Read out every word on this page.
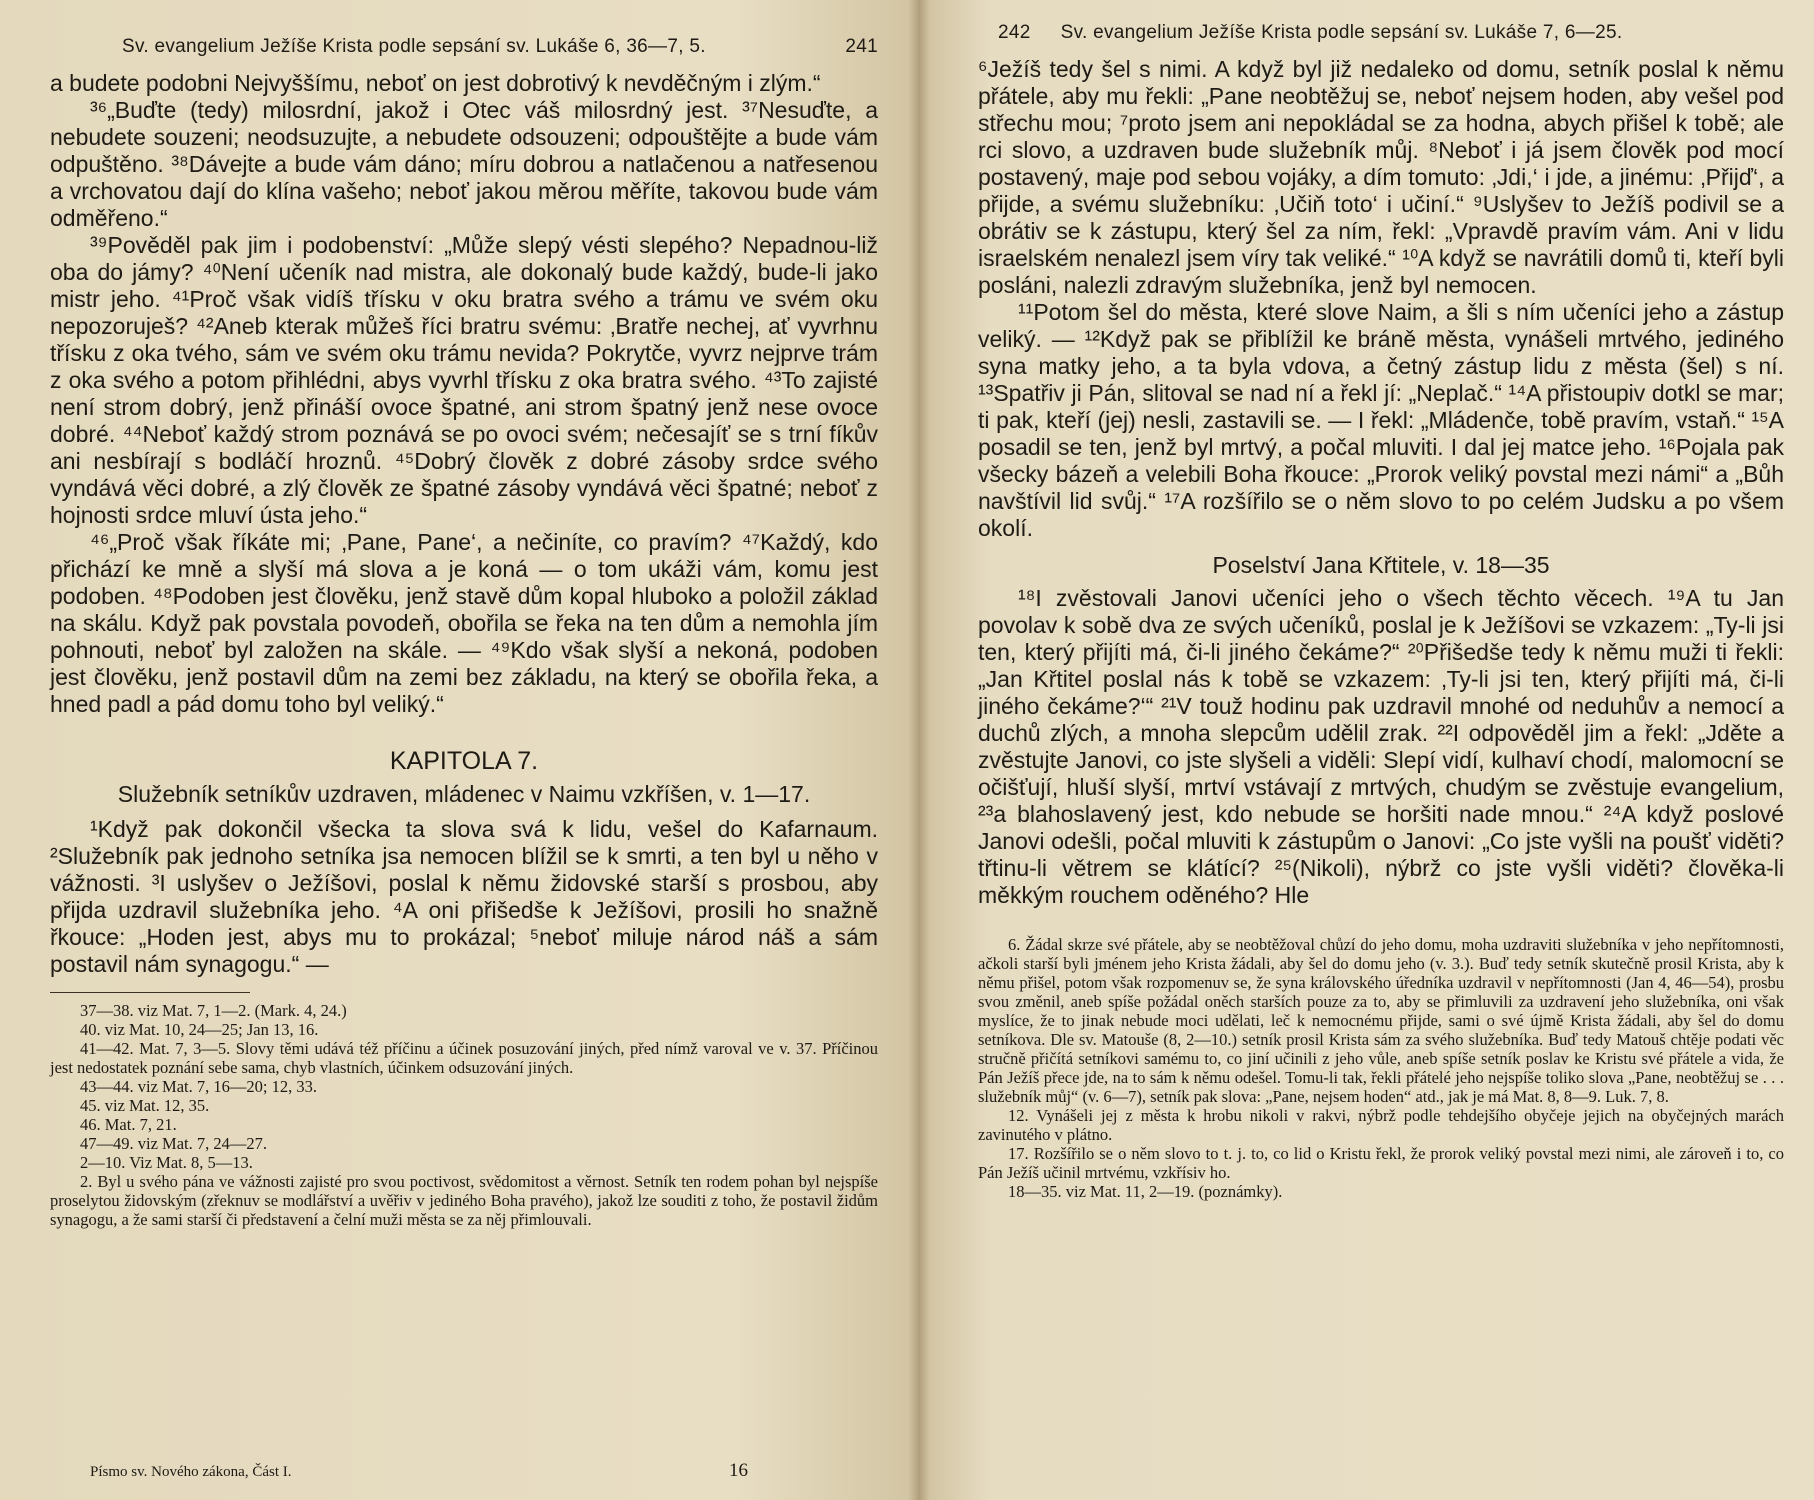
Sv. evangelium Ježíše Krista podle sepsání sv. Lukáše 6, 36—7, 5.	241

a budete podobni Nejvyššímu, neboť on jest dobrotivý k nevděčným i zlým.“

³⁶„Buďte (tedy) milosrdní, jakož i Otec váš milosrdný jest. ³⁷Nesuďte, a nebudete souzeni; neodsuzujte, a nebudete odsouzeni; odpouštějte a bude vám odpuštěno. ³⁸Dávejte a bude vám dáno; míru dobrou a natlačenou a natřesenou a vrchovatou dají do klína vašeho; neboť jakou měrou měříte, takovou bude vám odměřeno.“

³⁹Pověděl pak jim i podobenství: „Může slepý vésti slepého? Nepadnou-liž oba do jámy? ⁴⁰Není učeník nad mistra, ale dokonalý bude každý, bude-li jako mistr jeho. ⁴¹Proč však vidíš třísku v oku bratra svého a trámu ve svém oku nepozoruješ? ⁴²Aneb kterak můžeš říci bratru svému: ‚Bratře nechej, ať vyvrhnu třísku z oka tvého, sám ve svém oku trámu nevida? Pokrytče, vyvrz nejprve trám z oka svého a potom přihlédni, abys vyvrhl třísku z oka bratra svého. ⁴³To zajisté není strom dobrý, jenž přináší ovoce špatné, ani strom špatný jenž nese ovoce dobré. ⁴⁴Neboť každý strom poznává se po ovoci svém; nečesajíť se s trní fíkův ani nesbírají s bodláčí hroznů. ⁴⁵Dobrý člověk z dobré zásoby srdce svého vyndává věci dobré, a zlý člověk ze špatné zásoby vyndává věci špatné; neboť z hojnosti srdce mluví ústa jeho.“

⁴⁶„Proč však říkáte mi; ‚Pane, Pane‘, a nečiníte, co pravím? ⁴⁷Každý, kdo přichází ke mně a slyší má slova a je koná — o tom ukáži vám, komu jest podoben. ⁴⁸Podoben jest člověku, jenž stavě dům kopal hluboko a položil základ na skálu. Když pak povstala povodeň, obořila se řeka na ten dům a nemohla jím pohnouti, neboť byl založen na skále. — ⁴⁹Kdo však slyší a nekoná, podoben jest člověku, jenž postavil dům na zemi bez základu, na který se obořila řeka, a hned padl a pád domu toho byl veliký.“

KAPITOLA 7.
Služebník setníkův uzdraven, mládenec v Naimu vzkříšen, v. 1—17.

¹Když pak dokončil všecka ta slova svá k lidu, vešel do Kafarnaum. ²Služebník pak jednoho setníka jsa nemocen blížil se k smrti, a ten byl u něho v vážnosti. ³I uslyšev o Ježíšovi, poslal k němu židovské starší s prosbou, aby přijda uzdravil služebníka jeho. ⁴A oni přišedše k Ježíšovi, prosili ho snažně řkouce: „Hoden jest, abys mu to prokázal; ⁵neboť miluje národ náš a sám postavil nám synagogu.“ —

37—38. viz Mat. 7, 1—2. (Mark. 4, 24.)

40. viz Mat. 10, 24—25; Jan 13, 16.

41—42. Mat. 7, 3—5. Slovy těmi udává též příčinu a účinek posuzování jiných, před nímž varoval ve v. 37. Příčinou jest nedostatek poznání sebe sama, chyb vlastních, účinkem odsuzování jiných.

43—44. viz Mat. 7, 16—20; 12, 33.

45. viz Mat. 12, 35.

46. Mat. 7, 21.

47—49. viz Mat. 7, 24—27.

2—10. Viz Mat. 8, 5—13.

2. Byl u svého pána ve vážnosti zajisté pro svou poctivost, svědomitost a věrnost. Setník ten rodem pohan byl nejspíše proselytou židovským (zřeknuv se modlářství a uvěřiv v jediného Boha pravého), jakož lze souditi z toho, že postavil židům synagogu, a že sami starší či představení a čelní muži města se za něj přimlouvali.

Písmo sv. Nového zákona, Část I.	16
242 Sv. evangelium Ježíše Krista podle sepsání sv. Lukáše 7, 6—25.

⁶Ježíš tedy šel s nimi. A když byl již nedaleko od domu, setník poslal k němu přátele, aby mu řekli: „Pane neobtěžuj se, neboť nejsem hoden, aby vešel pod střechu mou; ⁷proto jsem ani nepokládal se za hodna, abych přišel k tobě; ale rci slovo, a uzdraven bude služebník můj. ⁸Neboť i já jsem člověk pod mocí postavený, maje pod sebou vojáky, a dím tomuto: ‚Jdi,‘ i jde, a jinému: ‚Přijď‘, a přijde, a svému služebníku: ‚Učiň toto‘ i učiní.“ ⁹Uslyšev to Ježíš podivil se a obrátiv se k zástupu, který šel za ním, řekl: „Vpravdě pravím vám. Ani v lidu israelském nenalezl jsem víry tak veliké.“ ¹⁰A když se navrátili domů ti, kteří byli posláni, nalezli zdravým služebníka, jenž byl nemocen.

¹¹Potom šel do města, které slove Naim, a šli s ním učeníci jeho a zástup veliký. — ¹²Když pak se přiblížil ke bráně města, vynášeli mrtvého, jediného syna matky jeho, a ta byla vdova, a četný zástup lidu z města (šel) s ní. ¹³Spatřiv ji Pán, slitoval se nad ní a řekl jí: „Neplač.“ ¹⁴A přistoupiv dotkl se mar; ti pak, kteří (jej) nesli, zastavili se. — I řekl: „Mládenče, tobě pravím, vstaň.“ ¹⁵A posadil se ten, jenž byl mrtvý, a počal mluviti. I dal jej matce jeho. ¹⁶Pojala pak všecky bázeň a velebili Boha řkouce: „Prorok veliký povstal mezi námi“ a „Bůh navštívil lid svůj.“ ¹⁷A rozšířilo se o něm slovo to po celém Judsku a po všem okolí.

Poselství Jana Křtitele, v. 18—35

¹⁸I zvěstovali Janovi učeníci jeho o všech těchto věcech. ¹⁹A tu Jan povolav k sobě dva ze svých učeníků, poslal je k Ježíšovi se vzkazem: „Ty-li jsi ten, který přijíti má, či-li jiného čekáme?“ ²⁰Přišedše tedy k němu muži ti řekli: „Jan Křtitel poslal nás k tobě se vzkazem: ‚Ty-li jsi ten, který přijíti má, či-li jiného čekáme?‘“ ²¹V touž hodinu pak uzdravil mnohé od neduhův a nemocí a duchů zlých, a mnoha slepcům udělil zrak. ²²I odpověděl jim a řekl: „Jděte a zvěstujte Janovi, co jste slyšeli a viděli: Slepí vidí, kulhaví chodí, malomocní se očišťují, hluší slyší, mrtví vstávají z mrtvých, chudým se zvěstuje evangelium, ²³a blahoslavený jest, kdo nebude se horšiti nade mnou.“ ²⁴A když poslové Janovi odešli, počal mluviti k zástupům o Janovi: „Co jste vyšli na poušť viděti? třtinu-li větrem se klátící? ²⁵(Nikoli), nýbrž co jste vyšli viděti? člověka-li měkkým rouchem oděného? Hle

6. Žádal skrze své přátele, aby se neobtěžoval chůzí do jeho domu, moha uzdraviti služebníka v jeho nepřítomnosti, ačkoli starší byli jménem jeho Krista žádali, aby šel do domu jeho (v. 3.). Buď tedy setník skutečně prosil Krista, aby k němu přišel, potom však rozpomenuv se, že syna královského úředníka uzdravil v nepřítomnosti (Jan 4, 46—54), prosbu svou změnil, aneb spíše požádal oněch starších pouze za to, aby se přimluvili za uzdravení jeho služebníka, oni však myslíce, že to jinak nebude moci udělati, leč k nemocnému přijde, sami o své újmě Krista žádali, aby šel do domu setníkova. Dle sv. Matouše (8, 2—10.) setník prosil Krista sám za svého služebníka. Buď tedy Matouš chtěje podati věc stručně přičítá setníkovi samému to, co jiní učinili z jeho vůle, aneb spíše setník poslav ke Kristu své přátele a vida, že Pán Ježíš přece jde, na to sám k němu odešel. Tomu-li tak, řekli přátelé jeho nejspíše toliko slova „Pane, neobtěžuj se . . . služebník můj“ (v. 6—7), setník pak slova: „Pane, nejsem hoden“ atd., jak je má Mat. 8, 8—9. Luk. 7, 8.

12. Vynášeli jej z města k hrobu nikoli v rakvi, nýbrž podle tehdejšího obyčeje jejich na obyčejných marách zavinutého v plátno.

17. Rozšířilo se o něm slovo to t. j. to, co lid o Kristu řekl, že prorok veliký povstal mezi nimi, ale zároveň i to, co Pán Ježíš učinil mrtvému, vzkřísiv ho.

18—35. viz Mat. 11, 2—19. (poznámky).
